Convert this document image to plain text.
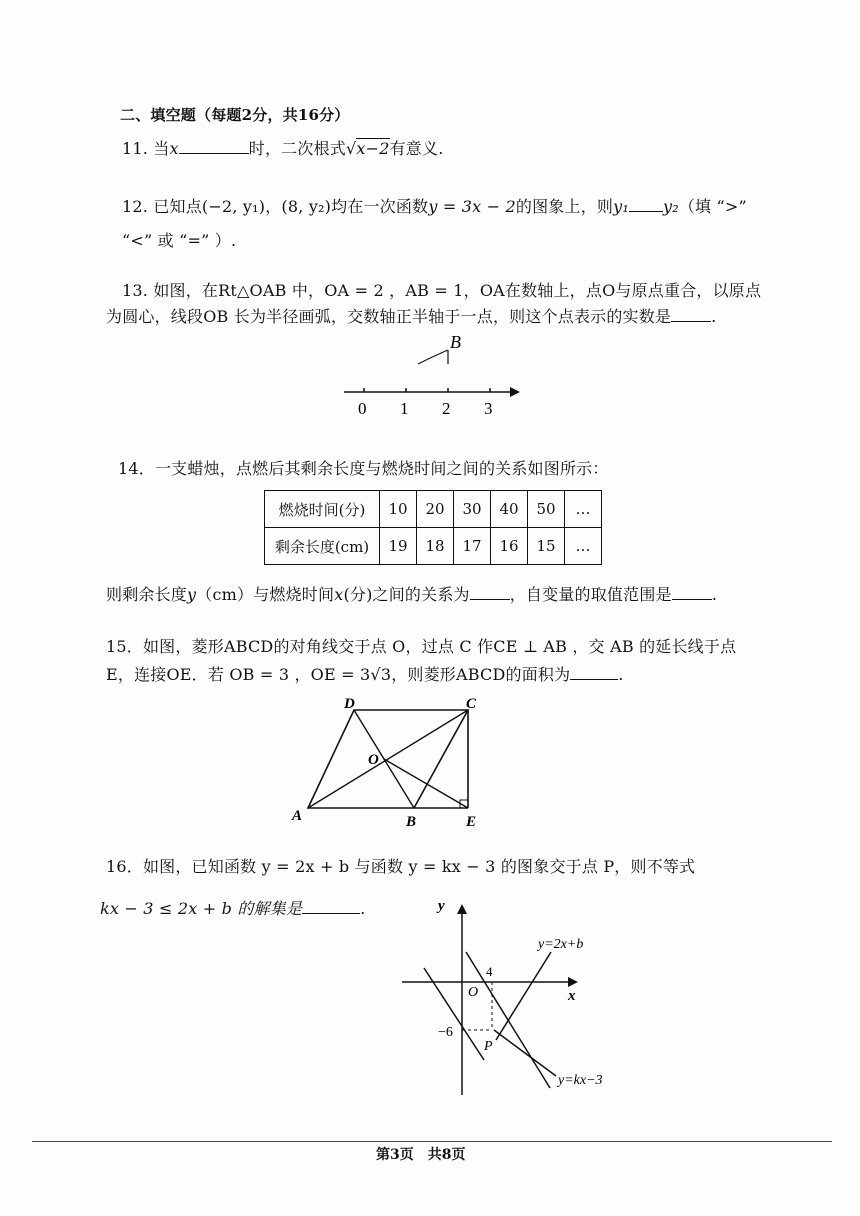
二、填空题（每题2分，共16分）
11. 当x	时，二次根式√x−2有意义.
12. 已知点(−2, y₁)，(8, y₂)均在一次函数y = 3x − 2的图象上，则y₁ y₂（填 “>”
“<” 或 “=” ）.
13. 如图，在Rt△OAB 中，OA = 2 ，AB = 1，OA在数轴上，点O与原点重合，以原点
为圆心，线段OB 长为半径画弧，交数轴正半轴于一点，则这个点表示的实数是	.
B
0 1 2 3
14．一支蜡烛，点燃后其剩余长度与燃烧时间之间的关系如图所示：
燃烧时间(分)	10	20	30	40	50	…
剩余长度(cm)	19	18	17	16	15	…
则剩余长度y（cm）与燃烧时间x(分)之间的关系为	，自变量的取值范围是	.
15．如图，菱形ABCD的对角线交于点 O，过点 C 作CE ⊥ AB ，交 AB 的延长线于点
E，连接OE．若 OB = 3 ，OE = 3√3，则菱形ABCD的面积为	.
D	C
O
A	B	E
16．如图，已知函数 y = 2x + b 与函数 y = kx − 3 的图象交于点 P，则不等式
kx − 3 ≤ 2x + b 的解集是	.	y
x
O
y=2x+b
y=kx−3
4
−6
P
第3页　共8页
